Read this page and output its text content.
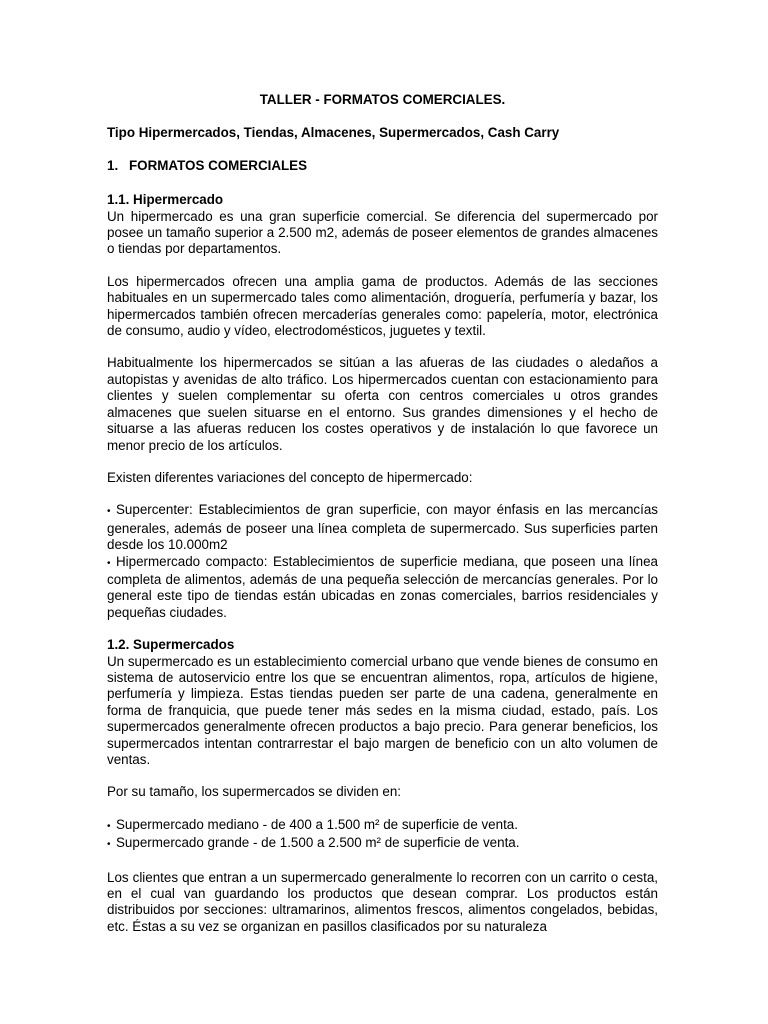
TALLER - FORMATOS COMERCIALES.
Tipo Hipermercados, Tiendas, Almacenes, Supermercados, Cash Carry
1. FORMATOS COMERCIALES
1.1. Hipermercado

Un hipermercado es una gran superficie comercial. Se diferencia del supermercado por posee un tamaño superior a 2.500 m2, además de poseer elementos de grandes almacenes o tiendas por departamentos.

Los hipermercados ofrecen una amplia gama de productos. Además de las secciones habituales en un supermercado tales como alimentación, droguería, perfumería y bazar, los hipermercados también ofrecen mercaderías generales como: papelería, motor, electrónica de consumo, audio y vídeo, electrodomésticos, juguetes y textil.

Habitualmente los hipermercados se sitúan a las afueras de las ciudades o aledaños a autopistas y avenidas de alto tráfico. Los hipermercados cuentan con estacionamiento para clientes y suelen complementar su oferta con centros comerciales u otros grandes almacenes que suelen situarse en el entorno. Sus grandes dimensiones y el hecho de situarse a las afueras reducen los costes operativos y de instalación lo que favorece un menor precio de los artículos.

Existen diferentes variaciones del concepto de hipermercado:

• Supercenter: Establecimientos de gran superficie, con mayor énfasis en las mercancías generales, además de poseer una línea completa de supermercado. Sus superficies parten desde los 10.000m2
• Hipermercado compacto: Establecimientos de superficie mediana, que poseen una línea completa de alimentos, además de una pequeña selección de mercancías generales. Por lo general este tipo de tiendas están ubicadas en zonas comerciales, barrios residenciales y pequeñas ciudades.
1.2. Supermercados

Un supermercado es un establecimiento comercial urbano que vende bienes de consumo en sistema de autoservicio entre los que se encuentran alimentos, ropa, artículos de higiene, perfumería y limpieza. Estas tiendas pueden ser parte de una cadena, generalmente en forma de franquicia, que puede tener más sedes en la misma ciudad, estado, país. Los supermercados generalmente ofrecen productos a bajo precio. Para generar beneficios, los supermercados intentan contrarrestar el bajo margen de beneficio con un alto volumen de ventas.

Por su tamaño, los supermercados se dividen en:

• Supermercado mediano - de 400 a 1.500 m² de superficie de venta.
• Supermercado grande - de 1.500 a 2.500 m² de superficie de venta.

Los clientes que entran a un supermercado generalmente lo recorren con un carrito o cesta, en el cual van guardando los productos que desean comprar. Los productos están distribuidos por secciones: ultramarinos, alimentos frescos, alimentos congelados, bebidas, etc. Éstas a su vez se organizan en pasillos clasificados por su naturaleza
